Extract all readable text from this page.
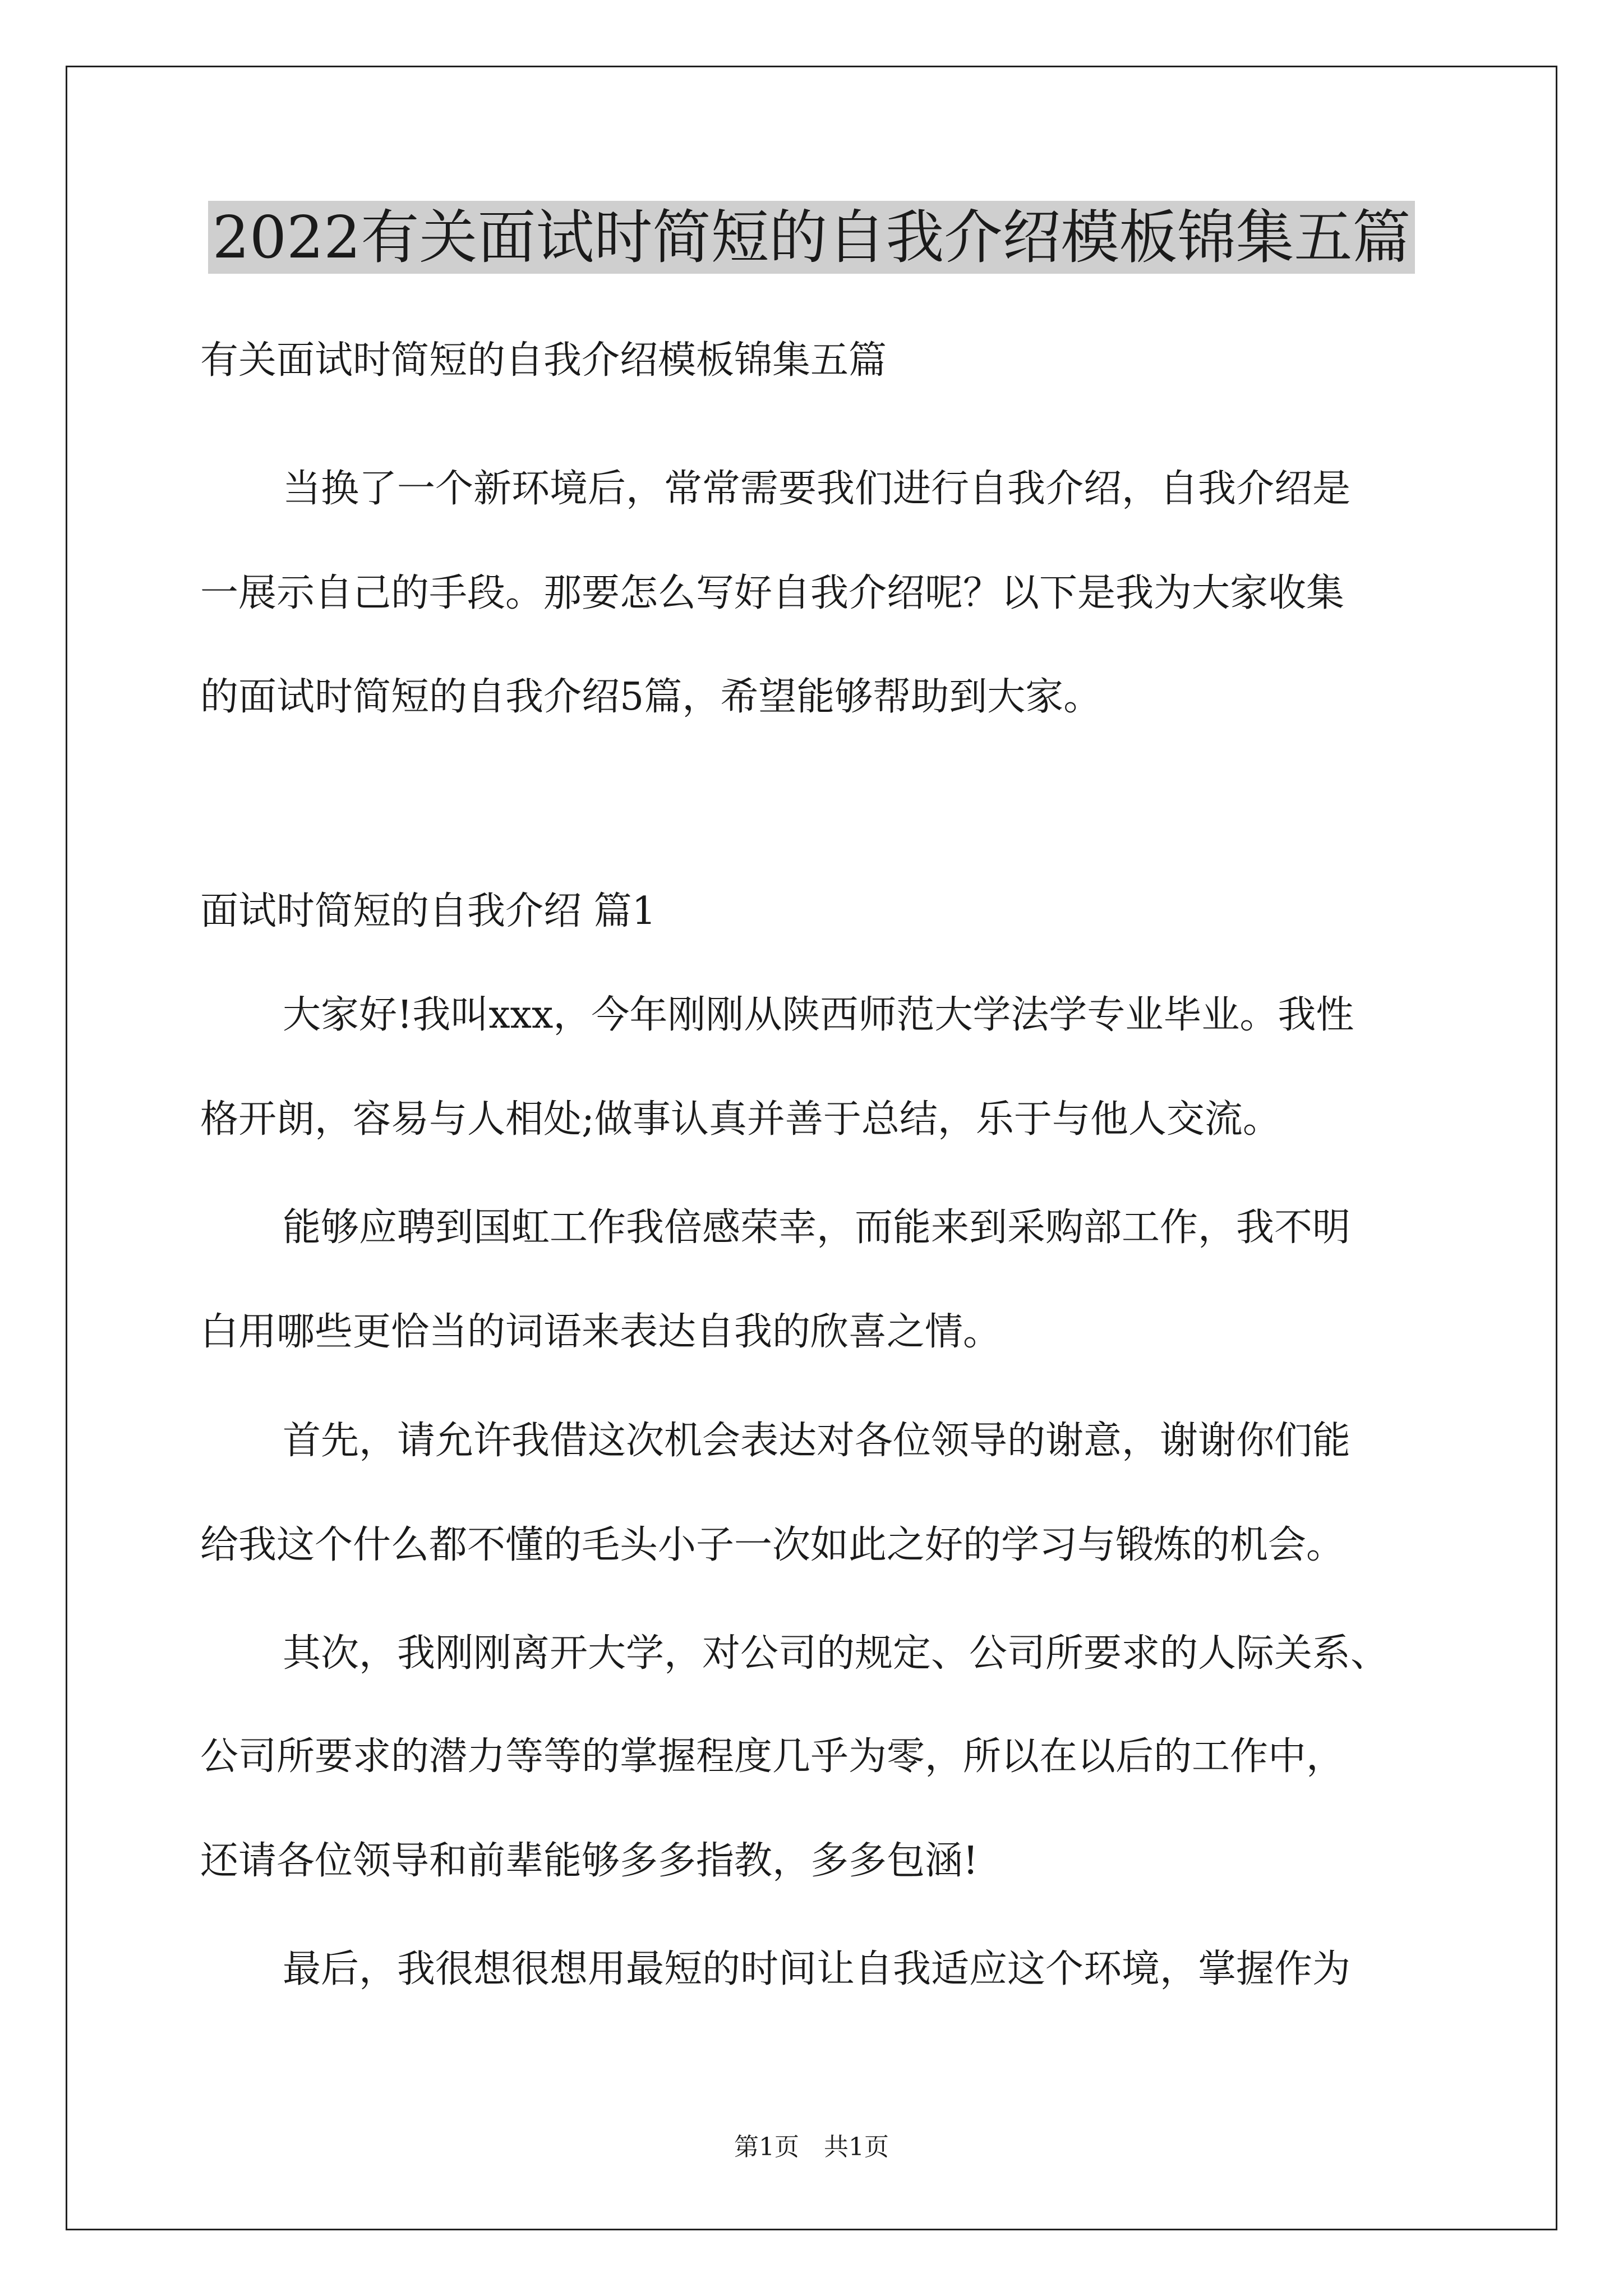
2022有关面试时简短的自我介绍模板锦集五篇

有关面试时简短的自我介绍模板锦集五篇

当换了一个新环境后，常常需要我们进行自我介绍，自我介绍是

一展示自己的手段。那要怎么写好自我介绍呢？以下是我为大家收集

的面试时简短的自我介绍5篇，希望能够帮助到大家。

面试时简短的自我介绍 篇1

大家好!我叫xxx，今年刚刚从陕西师范大学法学专业毕业。我性

格开朗，容易与人相处;做事认真并善于总结，乐于与他人交流。

能够应聘到国虹工作我倍感荣幸，而能来到采购部工作，我不明

白用哪些更恰当的词语来表达自我的欣喜之情。

首先，请允许我借这次机会表达对各位领导的谢意，谢谢你们能

给我这个什么都不懂的毛头小子一次如此之好的学习与锻炼的机会。

其次，我刚刚离开大学，对公司的规定、公司所要求的人际关系、

公司所要求的潜力等等的掌握程度几乎为零，所以在以后的工作中，

还请各位领导和前辈能够多多指教，多多包涵!

最后，我很想很想用最短的时间让自我适应这个环境，掌握作为

第1页 共1页
